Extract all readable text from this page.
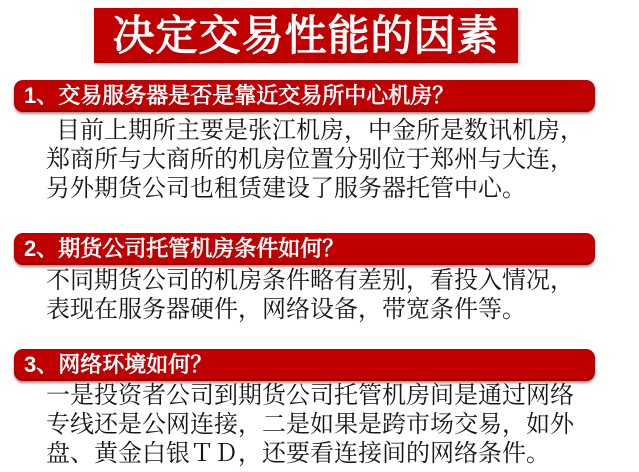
决定交易性能的因素
1、交易服务器是否是靠近交易所中心机房？
目前上期所主要是张江机房，中金所是数讯机房，
郑商所与大商所的机房位置分别位于郑州与大连，
另外期货公司也租赁建设了服务器托管中心。
2、期货公司托管机房条件如何？
不同期货公司的机房条件略有差别，看投入情况，
表现在服务器硬件，网络设备，带宽条件等。
3、网络环境如何？
一是投资者公司到期货公司托管机房间是通过网络
专线还是公网连接，二是如果是跨市场交易，如外
盘、黄金白银ＴＤ，还要看连接间的网络条件。
